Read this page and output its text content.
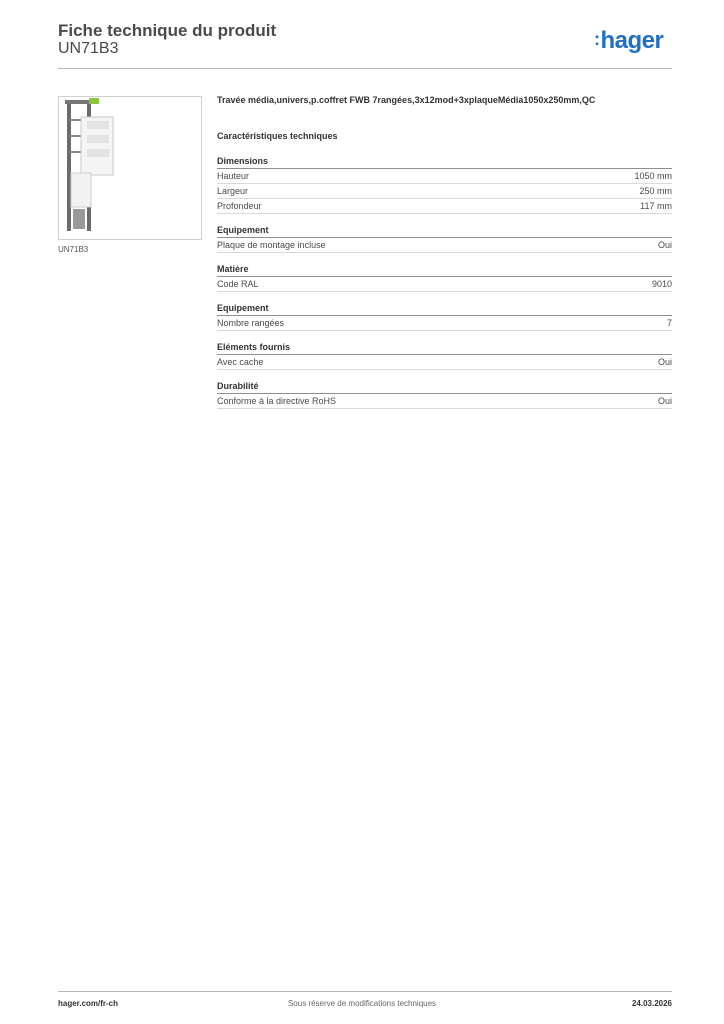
Fiche technique du produit
UN71B3	:hager
UN71B3
Travée média,univers,p.coffret FWB 7rangées,3x12mod+3xplaqueMédia1050x250mm,QC
Caractéristiques techniques
Dimensions
Hauteur	1050 mm
Largeur	250 mm
Profondeur	117 mm
Equipement
Plaque de montage incluse	Oui
Matière
Code RAL	9010
Equipement
Nombre rangées	7
Eléments fournis
Avec cache	Oui
Durabilité
Conforme à la directive RoHS	Oui
hager.com/fr-ch	Sous réserve de modifications techniques	24.03.2026
